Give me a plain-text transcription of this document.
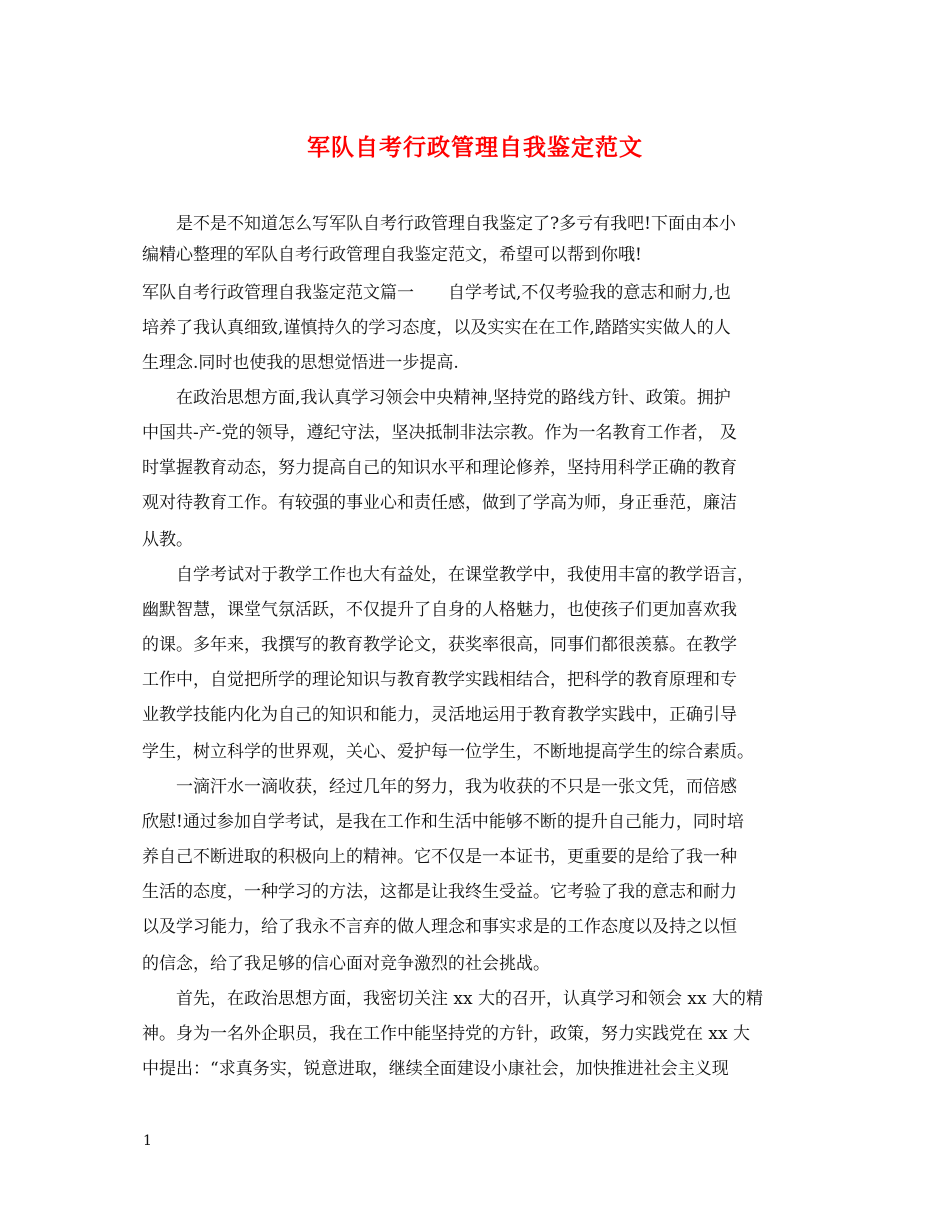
军队自考行政管理自我鉴定范文
　　是不是不知道怎么写军队自考行政管理自我鉴定了?多亏有我吧!下面由本小
编精心整理的军队自考行政管理自我鉴定范文，希望可以帮到你哦!
军队自考行政管理自我鉴定范文篇一　　自学考试,不仅考验我的意志和耐力,也
培养了我认真细致,谨慎持久的学习态度，以及实实在在工作,踏踏实实做人的人
生理念.同时也使我的思想觉悟进一步提高.
　　在政治思想方面,我认真学习领会中央精神,坚持党的路线方针、政策。拥护
中国共-产-党的领导，遵纪守法，坚决抵制非法宗教。作为一名教育工作者， 及
时掌握教育动态，努力提高自己的知识水平和理论修养，坚持用科学正确的教育
观对待教育工作。有较强的事业心和责任感，做到了学高为师，身正垂范，廉洁
从教。
　　自学考试对于教学工作也大有益处，在课堂教学中，我使用丰富的教学语言，
幽默智慧，课堂气氛活跃，不仅提升了自身的人格魅力，也使孩子们更加喜欢我
的课。多年来，我撰写的教育教学论文，获奖率很高，同事们都很羡慕。在教学
工作中，自觉把所学的理论知识与教育教学实践相结合，把科学的教育原理和专
业教学技能内化为自己的知识和能力，灵活地运用于教育教学实践中，正确引导
学生，树立科学的世界观，关心、爱护每一位学生，不断地提高学生的综合素质。
　　一滴汗水一滴收获，经过几年的努力，我为收获的不只是一张文凭，而倍感
欣慰!通过参加自学考试，是我在工作和生活中能够不断的提升自己能力，同时培
养自己不断进取的积极向上的精神。它不仅是一本证书，更重要的是给了我一种
生活的态度，一种学习的方法，这都是让我终生受益。它考验了我的意志和耐力
以及学习能力，给了我永不言弃的做人理念和事实求是的工作态度以及持之以恒
的信念，给了我足够的信心面对竞争激烈的社会挑战。
　　首先，在政治思想方面，我密切关注 xx 大的召开，认真学习和领会 xx 大的精
神。身为一名外企职员，我在工作中能坚持党的方针，政策，努力实践党在 xx 大
中提出：“求真务实，锐意进取，继续全面建设小康社会，加快推进社会主义现
1
